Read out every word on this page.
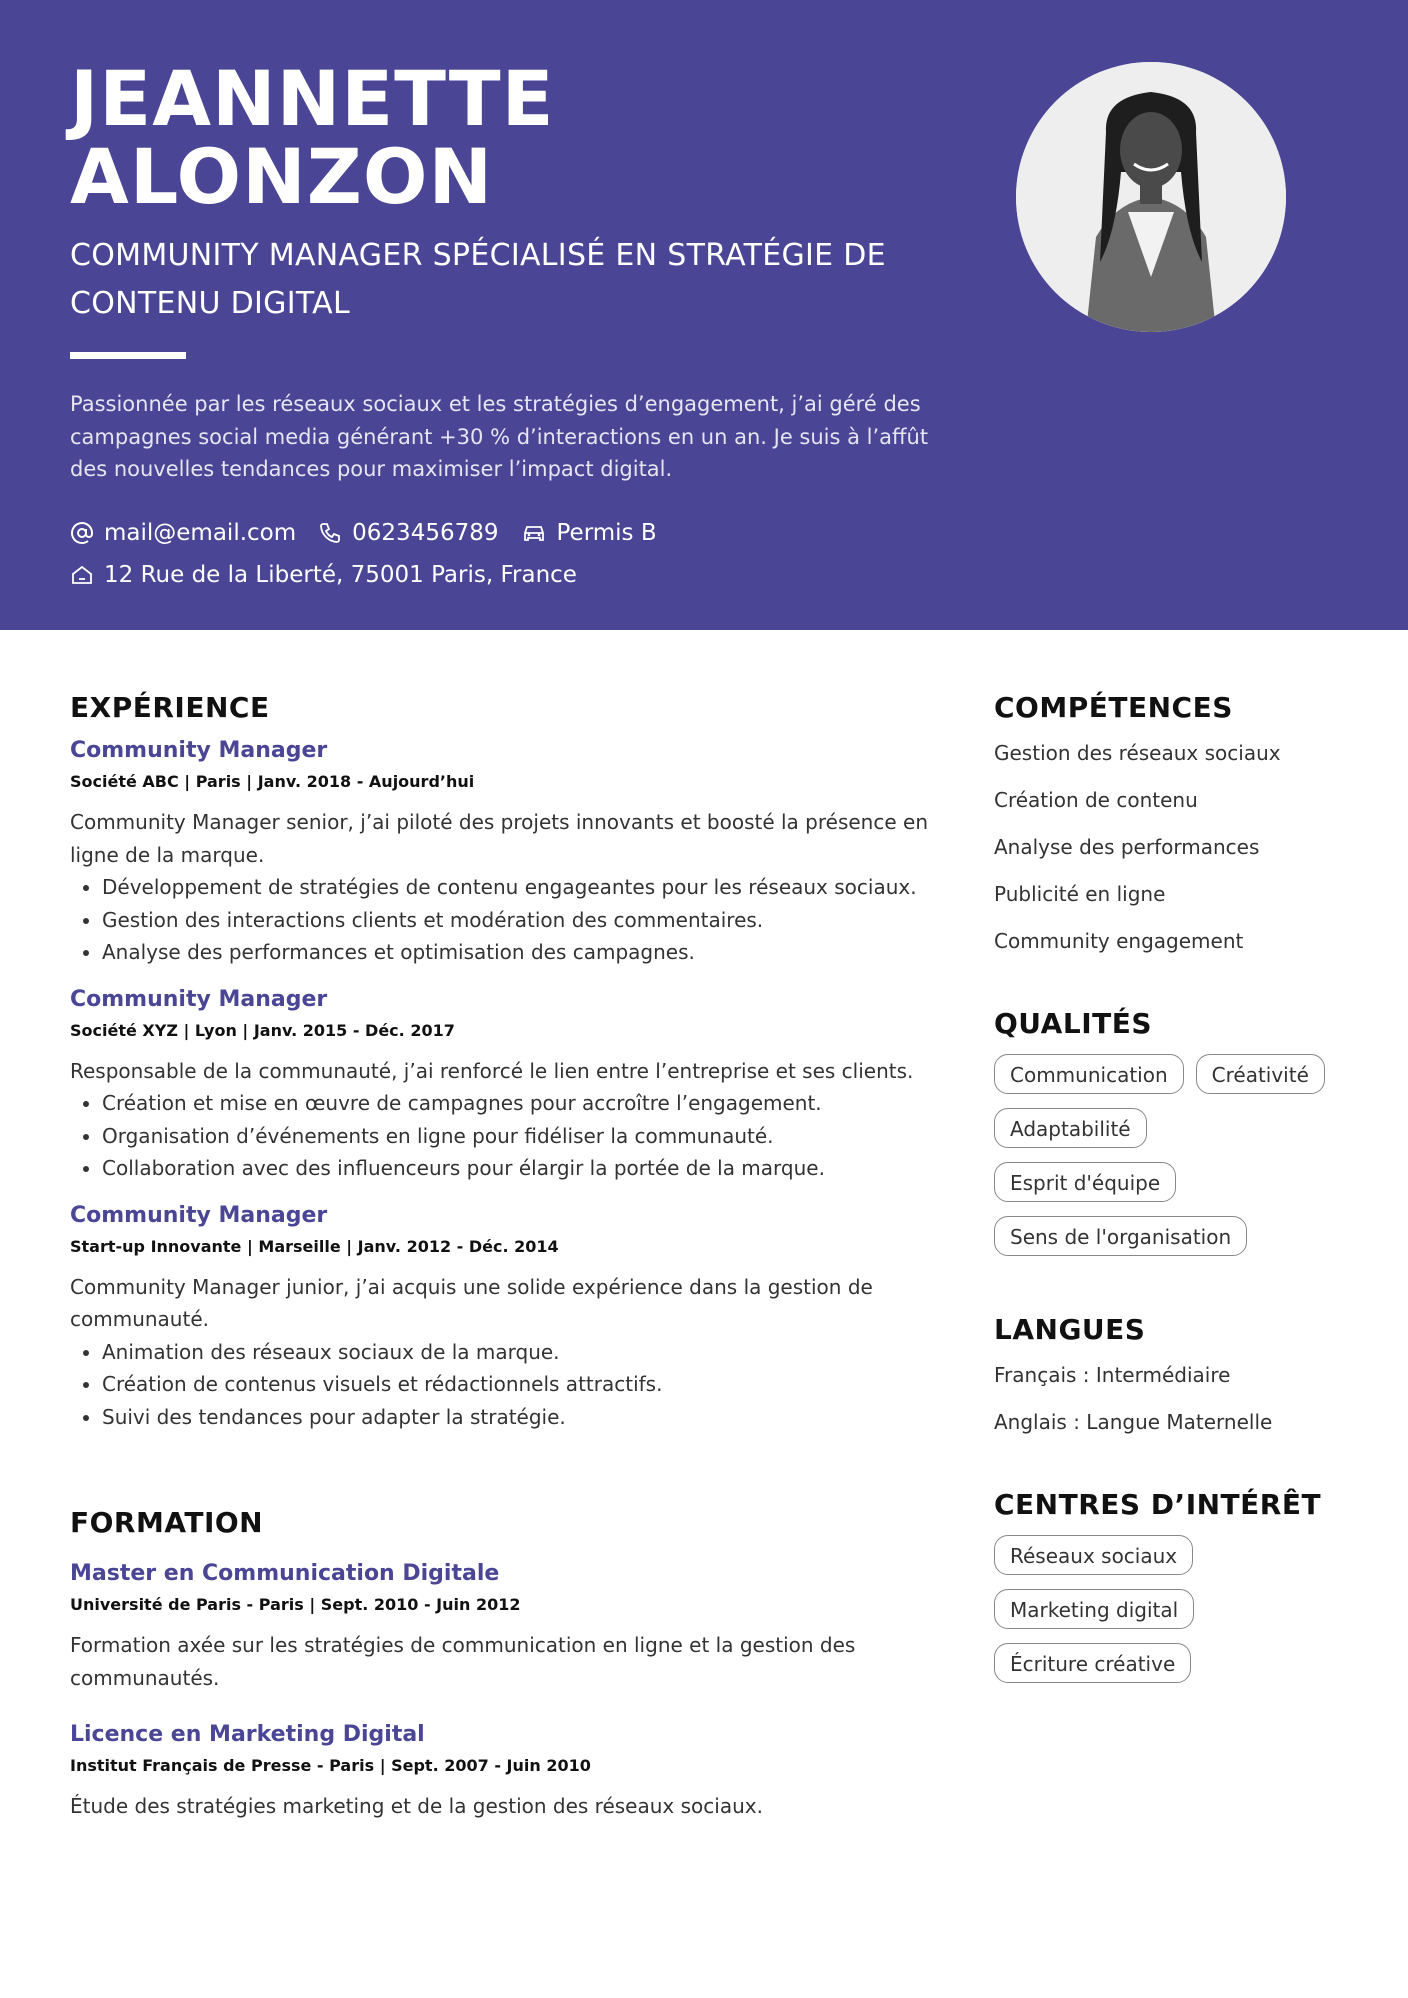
JEANNETTE
ALONZON
COMMUNITY MANAGER SPÉCIALISÉ EN STRATÉGIE DE
CONTENU DIGITAL
Passionnée par les réseaux sociaux et les stratégies d’engagement, j’ai géré des campagnes social media générant +30 % d’interactions en un an. Je suis à l’affût des nouvelles tendances pour maximiser l’impact digital.
mail@email.com 0623456789	Permis B
12 Rue de la Liberté, 75001 Paris, France
EXPÉRIENCE
Community Manager
Société ABC | Paris | Janv. 2018 - Aujourd’hui

Community Manager senior, j’ai piloté des projets innovants et boosté la présence en ligne de la marque.

• Développement de stratégies de contenu engageantes pour les réseaux sociaux.
• Gestion des interactions clients et modération des commentaires.
• Analyse des performances et optimisation des campagnes.
Community Manager
Société XYZ | Lyon | Janv. 2015 - Déc. 2017

Responsable de la communauté, j’ai renforcé le lien entre l’entreprise et ses clients.

• Création et mise en œuvre de campagnes pour accroître l’engagement.
• Organisation d’événements en ligne pour fidéliser la communauté.
• Collaboration avec des influenceurs pour élargir la portée de la marque.
Community Manager
Start-up Innovante | Marseille | Janv. 2012 - Déc. 2014

Community Manager junior, j’ai acquis une solide expérience dans la gestion de communauté.

• Animation des réseaux sociaux de la marque.
• Création de contenus visuels et rédactionnels attractifs.
• Suivi des tendances pour adapter la stratégie.
FORMATION
Master en Communication Digitale
Université de Paris - Paris | Sept. 2010 - Juin 2012

Formation axée sur les stratégies de communication en ligne et la gestion des communautés.

Licence en Marketing Digital
Institut Français de Presse - Paris | Sept. 2007 - Juin 2010

Étude des stratégies marketing et de la gestion des réseaux sociaux.

COMPÉTENCES
Gestion des réseaux sociaux
Création de contenu
Analyse des performances
Publicité en ligne
Community engagement
QUALITÉS
Communication	Créativité
Adaptabilité
Esprit d'équipe
Sens de l'organisation
LANGUES
Français : Intermédiaire
Anglais : Langue Maternelle
CENTRES D’INTÉRÊT
Réseaux sociaux
Marketing digital
Écriture créative
